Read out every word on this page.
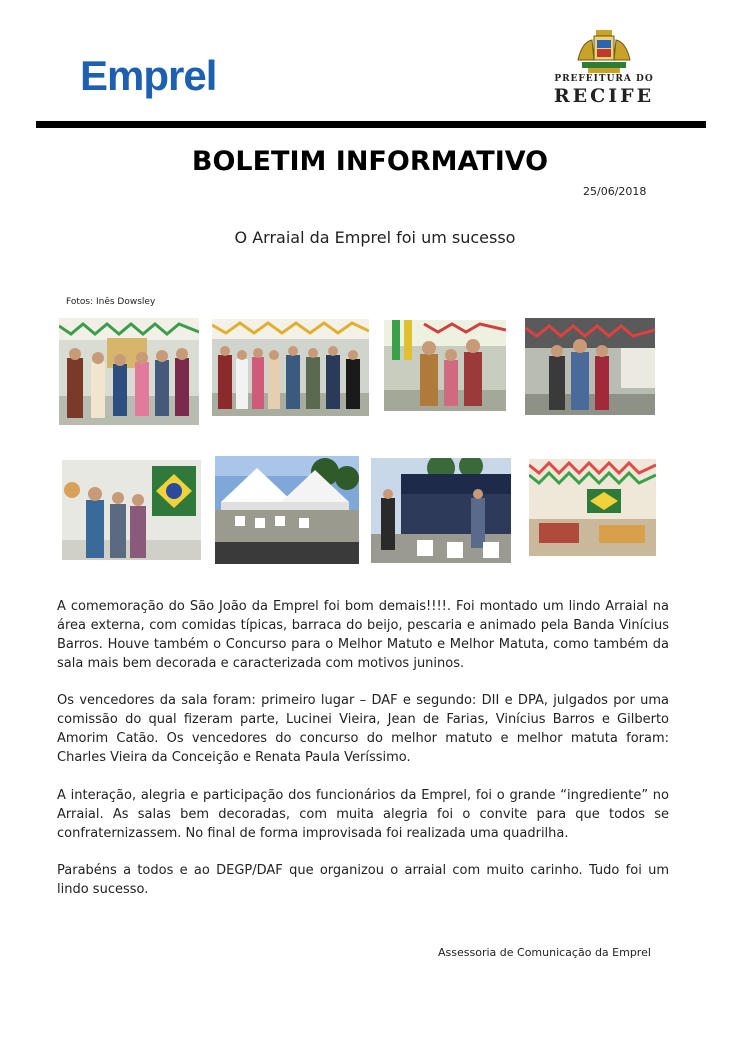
Emprel	PREFEITURA DO
RECIFE
BOLETIM INFORMATIVO
25/06/2018
O Arraial da Emprel foi um sucesso
Fotos: Inês Dowsley

A comemoração do São João da Emprel foi bom demais!!!!. Foi montado um lindo Arraial na área externa, com comidas típicas, barraca do beijo, pescaria e animado pela Banda Vinícius Barros. Houve também o Concurso para o Melhor Matuto e Melhor Matuta, como também da sala mais bem decorada e caracterizada com motivos juninos.

Os vencedores da sala foram: primeiro lugar – DAF e segundo: DII e DPA, julgados por uma comissão do qual fizeram parte, Lucinei Vieira, Jean de Farias, Vinícius Barros e Gilberto Amorim Catão. Os vencedores do concurso do melhor matuto e melhor matuta foram: Charles Vieira da Conceição e Renata Paula Veríssimo.

A interação, alegria e participação dos funcionários da Emprel, foi o grande “ingrediente” no Arraial. As salas bem decoradas, com muita alegria foi o convite para que todos se confraternizassem. No final de forma improvisada foi realizada uma quadrilha.

Parabéns a todos e ao DEGP/DAF que organizou o arraial com muito carinho. Tudo foi um lindo sucesso.

Assessoria de Comunicação da Emprel
